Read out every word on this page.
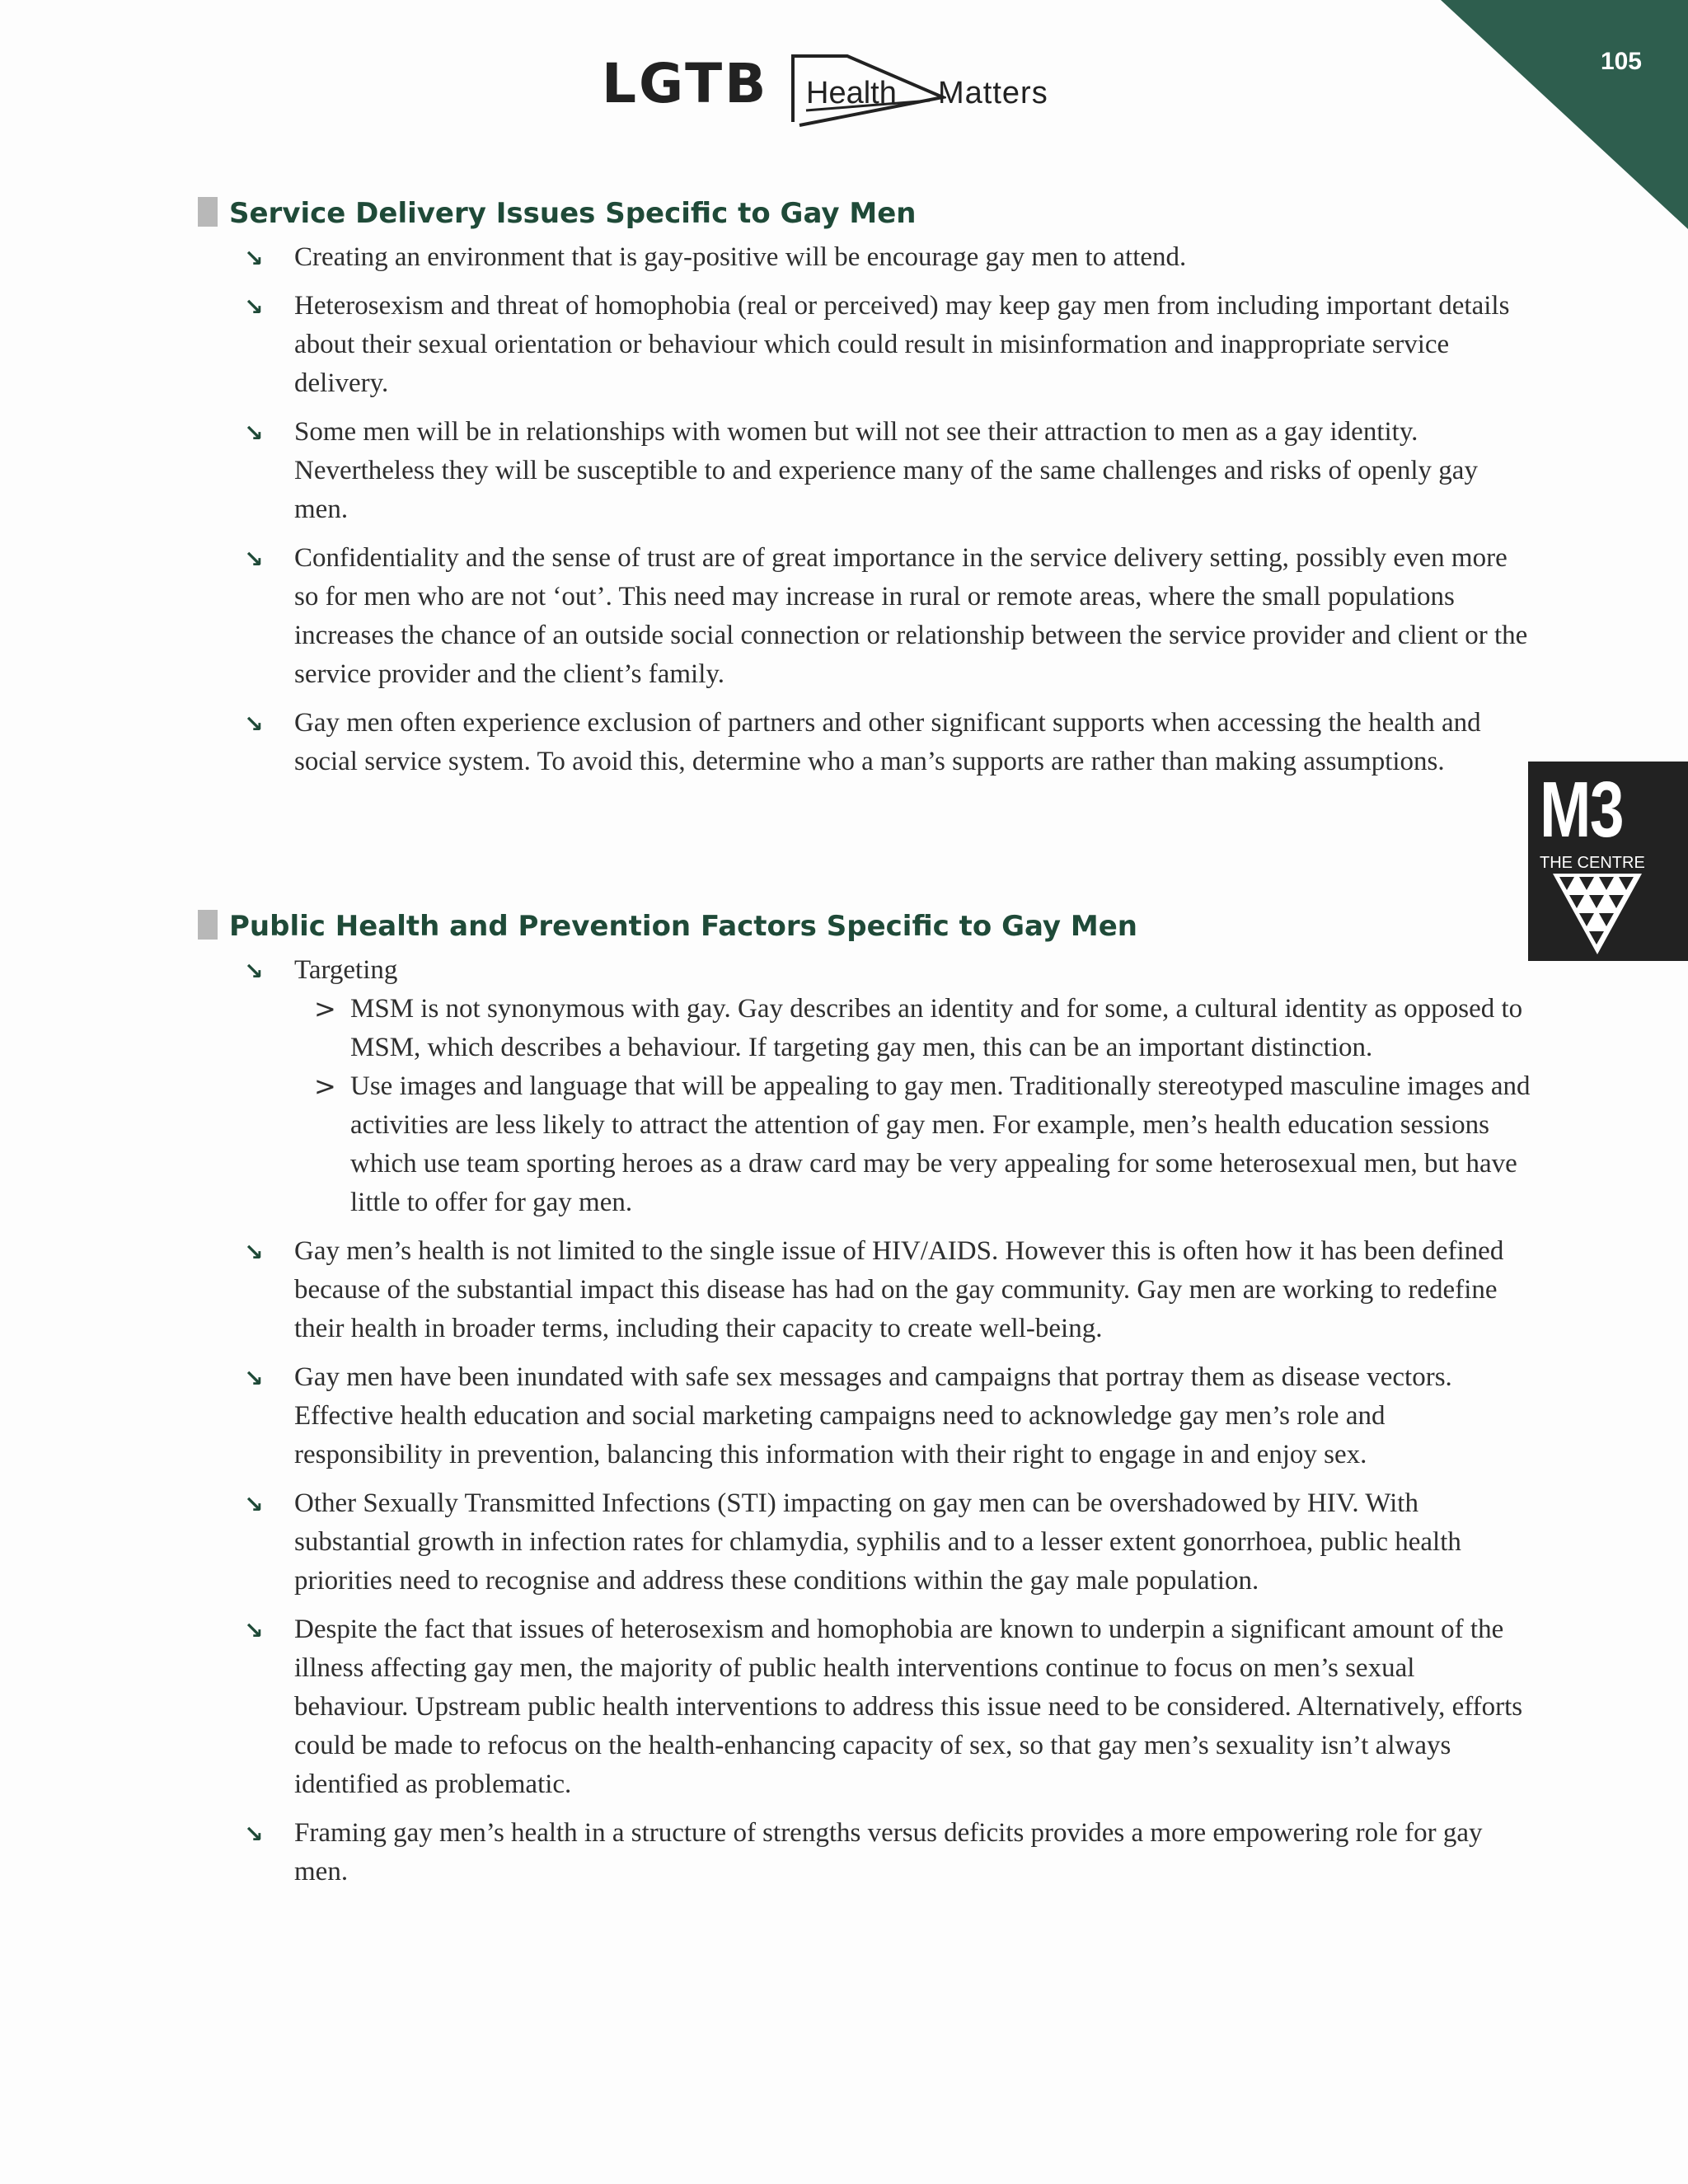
105
LGTB Health Matters
Service Delivery Issues Specific to Gay Men
↘ Creating an environment that is gay-positive will be encourage gay men to attend.
↘ Heterosexism and threat of homophobia (real or perceived) may keep gay men from including important details about their sexual orientation or behaviour which could result in misinformation and inappropriate service delivery.
↘ Some men will be in relationships with women but will not see their attraction to men as a gay identity. Nevertheless they will be susceptible to and experience many of the same challenges and risks of openly gay men.
↘ Confidentiality and the sense of trust are of great importance in the service delivery setting, possibly even more so for men who are not ‘out’. This need may increase in rural or remote areas, where the small populations increases the chance of an outside social connection or relationship between the service provider and client or the service provider and the client’s family.
↘ Gay men often experience exclusion of partners and other significant supports when accessing the health and social service system. To avoid this, determine who a man’s supports are rather than making assumptions.
Public Health and Prevention Factors Specific to Gay Men
↘ Targeting
> MSM is not synonymous with gay. Gay describes an identity and for some, a cultural identity as opposed to MSM, which describes a behaviour. If targeting gay men, this can be an important distinction.
> Use images and language that will be appealing to gay men. Traditionally stereotyped masculine images and activities are less likely to attract the attention of gay men. For example, men’s health education sessions which use team sporting heroes as a draw card may be very appealing for some heterosexual men, but have little to offer for gay men.
↘ Gay men’s health is not limited to the single issue of HIV/AIDS. However this is often how it has been defined because of the substantial impact this disease has had on the gay community. Gay men are working to redefine their health in broader terms, including their capacity to create well-being.
↘ Gay men have been inundated with safe sex messages and campaigns that portray them as disease vectors. Effective health education and social marketing campaigns need to acknowledge gay men’s role and responsibility in prevention, balancing this information with their right to engage in and enjoy sex.
↘ Other Sexually Transmitted Infections (STI) impacting on gay men can be overshadowed by HIV. With substantial growth in infection rates for chlamydia, syphilis and to a lesser extent gonorrhoea, public health priorities need to recognise and address these conditions within the gay male population.
↘ Despite the fact that issues of heterosexism and homophobia are known to underpin a significant amount of the illness affecting gay men, the majority of public health interventions continue to focus on men’s sexual behaviour. Upstream public health interventions to address this issue need to be considered. Alternatively, efforts could be made to refocus on the health-enhancing capacity of sex, so that gay men’s sexuality isn’t always identified as problematic.
↘ Framing gay men’s health in a structure of strengths versus deficits provides a more empowering role for gay men.
M3
THE CENTRE
